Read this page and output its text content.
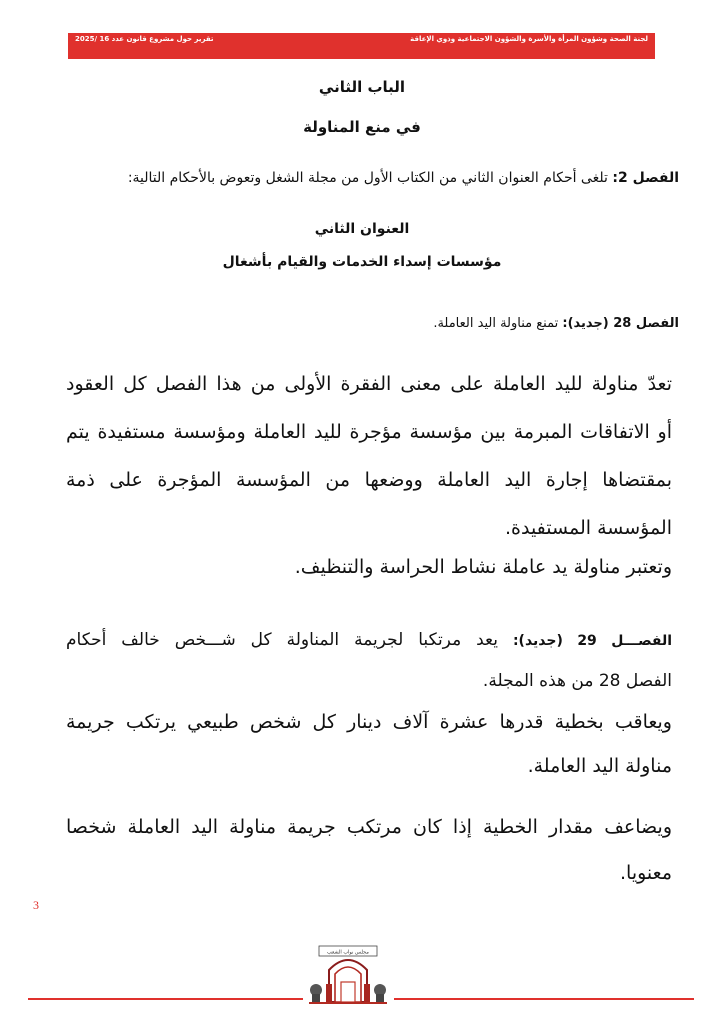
تقرير حول مشروع قانون عدد 16 /2025	لجنة الصحة وشؤون المرأة والأسرة والشؤون الاجتماعية وذوي الإعاقة
الباب الثاني
في منع المناولة
الفصل 2: تلغى أحكام العنوان الثاني من الكتاب الأول من مجلة الشغل وتعوض بالأحكام التالية:
العنوان الثاني
مؤسسات إسداء الخدمات والقيام بأشغال
الفصل 28 (جديد): تمنع مناولة اليد العاملة.
تعدّ مناولة لليد العاملة على معنى الفقرة الأولى من هذا الفصل كل العقود
أو الاتفاقات المبرمة بين مؤسسة مؤجرة لليد العاملة ومؤسسة مستفيدة يتم
بمقتضاها إجارة اليد العاملة ووضعها من المؤسسة المؤجرة على ذمة
المؤسسة المستفيدة.
وتعتبر مناولة يد عاملة نشاط الحراسة والتنظيف.
الفصـــل 29 (جديد): يعد مرتكبا لجريمة المناولة كل شـــخص خالف أحكام
الفصل 28 من هذه المجلة.
ويعاقب بخطية قدرها عشرة آلاف دينار كل شخص طبيعي يرتكب جريمة
مناولة اليد العاملة.
ويضاعف مقدار الخطية إذا كان مرتكب جريمة مناولة اليد العاملة شخصا
معنويا.
3
مجلس نواب الشعب
